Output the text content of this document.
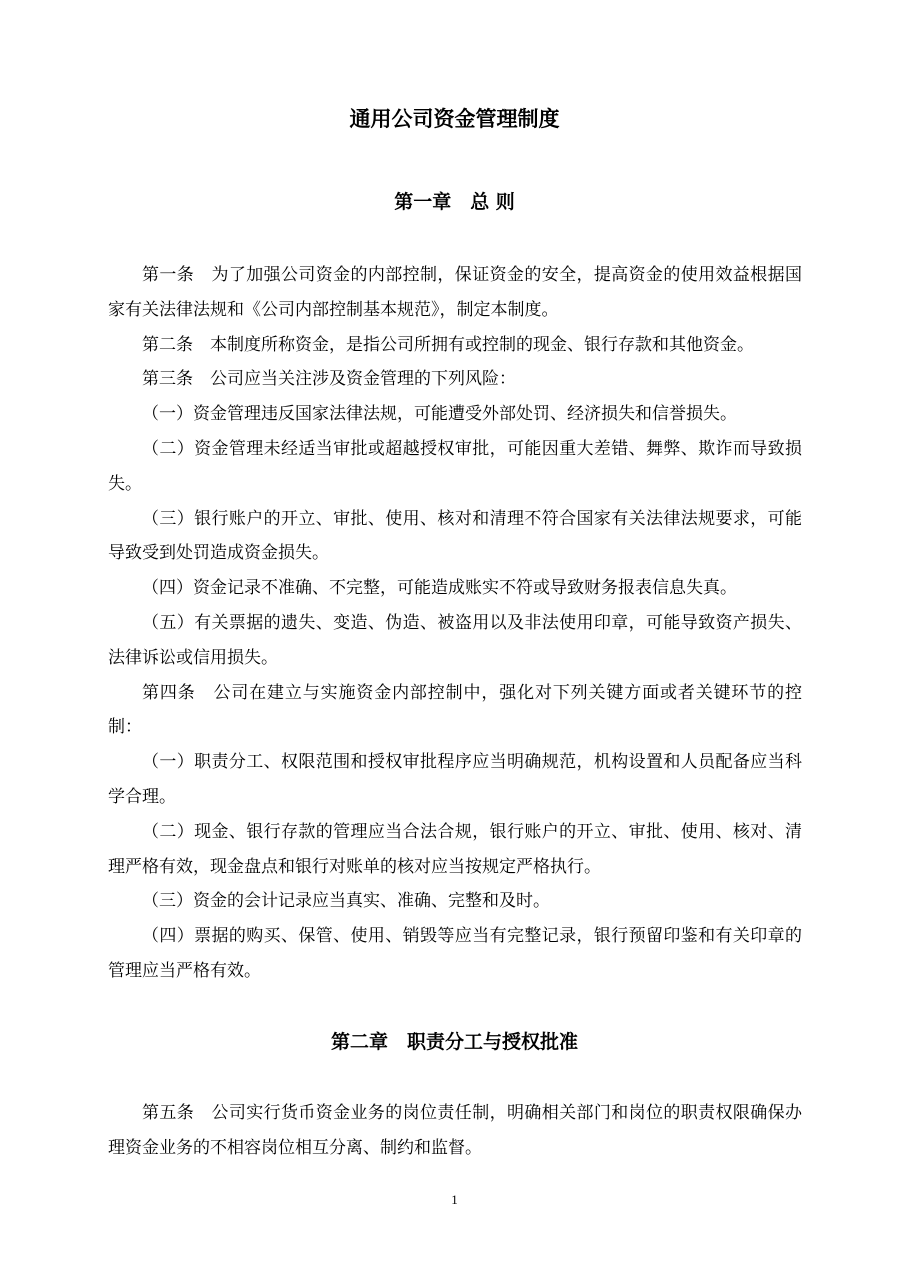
通用公司资金管理制度
第一章　总 则

第一条　为了加强公司资金的内部控制，保证资金的安全，提高资金的使用效益根据国家有关法律法规和《公司内部控制基本规范》，制定本制度。

第二条　本制度所称资金，是指公司所拥有或控制的现金、银行存款和其他资金。

第三条　公司应当关注涉及资金管理的下列风险：

（一）资金管理违反国家法律法规，可能遭受外部处罚、经济损失和信誉损失。

（二）资金管理未经适当审批或超越授权审批，可能因重大差错、舞弊、欺诈而导致损失。

（三）银行账户的开立、审批、使用、核对和清理不符合国家有关法律法规要求，可能导致受到处罚造成资金损失。

（四）资金记录不准确、不完整，可能造成账实不符或导致财务报表信息失真。

（五）有关票据的遗失、变造、伪造、被盗用以及非法使用印章，可能导致资产损失、法律诉讼或信用损失。

第四条　公司在建立与实施资金内部控制中，强化对下列关键方面或者关键环节的控制：

（一）职责分工、权限范围和授权审批程序应当明确规范，机构设置和人员配备应当科学合理。

（二）现金、银行存款的管理应当合法合规，银行账户的开立、审批、使用、核对、清理严格有效，现金盘点和银行对账单的核对应当按规定严格执行。

（三）资金的会计记录应当真实、准确、完整和及时。

（四）票据的购买、保管、使用、销毁等应当有完整记录，银行预留印鉴和有关印章的管理应当严格有效。

第二章　职责分工与授权批准

第五条　公司实行货币资金业务的岗位责任制，明确相关部门和岗位的职责权限确保办理资金业务的不相容岗位相互分离、制约和监督。

1
